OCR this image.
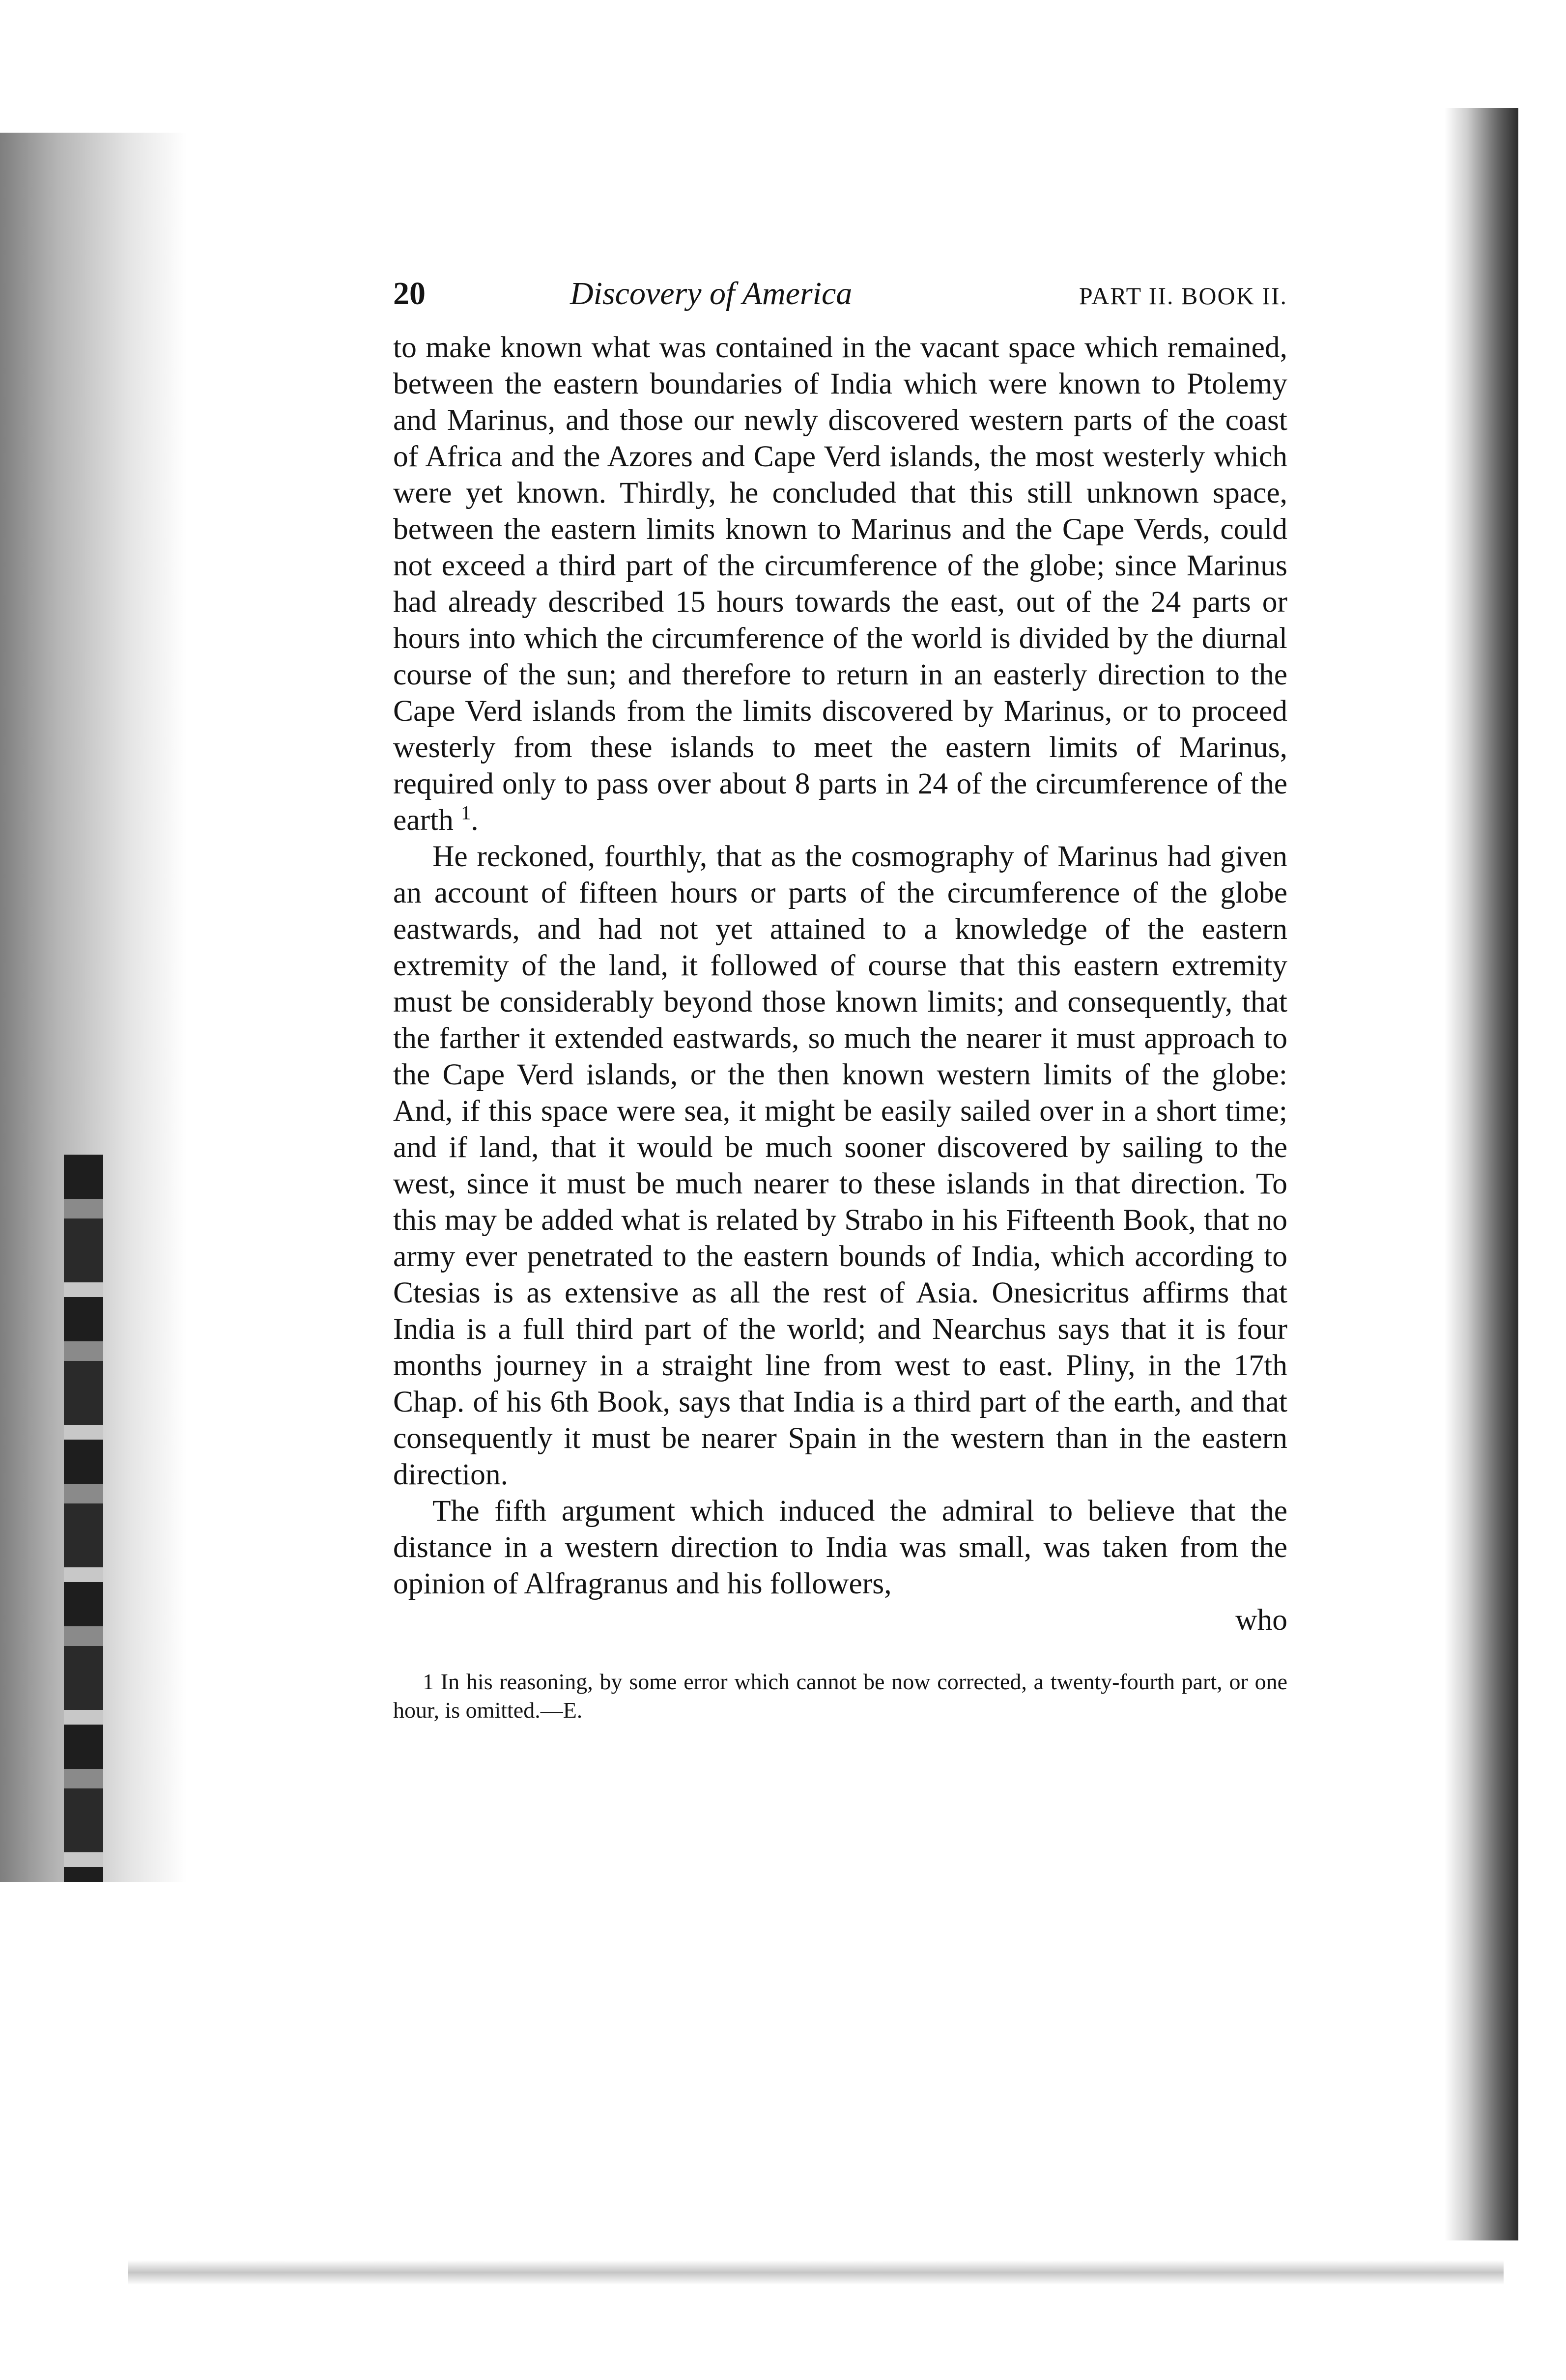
20	Discovery of America	PART II. BOOK II.

to make known what was contained in the vacant space which remained, between the eastern boundaries of India which were known to Ptolemy and Marinus, and those our newly discovered western parts of the coast of Africa and the Azores and Cape Verd islands, the most westerly which were yet known. Thirdly, he concluded that this still unknown space, between the eastern limits known to Marinus and the Cape Verds, could not exceed a third part of the circumference of the globe; since Marinus had already described 15 hours towards the east, out of the 24 parts or hours into which the circumference of the world is divided by the diurnal course of the sun; and therefore to return in an easterly direction to the Cape Verd islands from the limits discovered by Marinus, or to proceed westerly from these islands to meet the eastern limits of Marinus, required only to pass over about 8 parts in 24 of the circumference of the earth $^1$.

He reckoned, fourthly, that as the cosmography of Marinus had given an account of fifteen hours or parts of the circumference of the globe eastwards, and had not yet attained to a knowledge of the eastern extremity of the land, it followed of course that this eastern extremity must be considerably beyond those known limits; and consequently, that the farther it extended eastwards, so much the nearer it must approach to the Cape Verd islands, or the then known western limits of the globe: And, if this space were sea, it might be easily sailed over in a short time; and if land, that it would be much sooner discovered by sailing to the west, since it must be much nearer to these islands in that direction. To this may be added what is related by Strabo in his Fifteenth Book, that no army ever penetrated to the eastern bounds of India, which according to Ctesias is as extensive as all the rest of Asia. Onesicritus affirms that India is a full third part of the world; and Nearchus says that it is four months journey in a straight line from west to east. Pliny, in the 17th Chap. of his 6th Book, says that India is a third part of the earth, and that consequently it must be nearer Spain in the western than in the eastern direction.

The fifth argument which induced the admiral to believe that the distance in a western direction to India was small, was taken from the opinion of Alfragranus and his followers,

who
1 In his reasoning, by some error which cannot be now corrected, a twenty-fourth part, or one hour, is omitted.—E.
